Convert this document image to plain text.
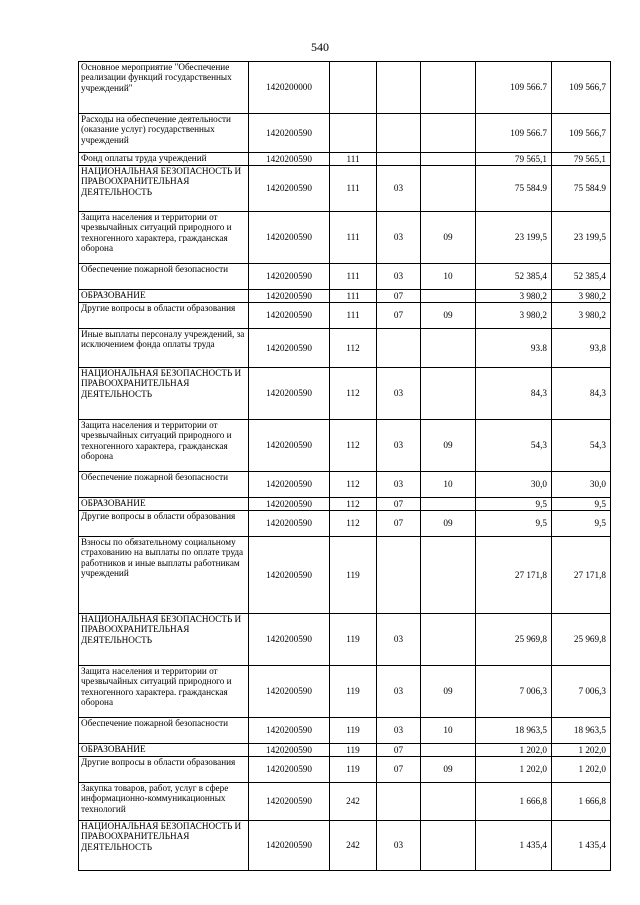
540
Основное мероприятие "Обеспечение реализации функций государственных учреждений"	1420200000				109 566.7	109 566,7
Расходы на обеспечение деятельности (оказание услуг) государственных учреждений	1420200590				109 566.7	109 566,7
Фонд оплаты труда учреждений	1420200590	111			79 565,1	79 565,1
НАЦИОНАЛЬНАЯ БЕЗОПАСНОСТЬ И ПРАВООХРАНИТЕЛЬНАЯ ДЕЯТЕЛЬНОСТЬ	1420200590	111	03		75 584.9	75 584.9
Защита населения и территории от чрезвычайных ситуаций природного и техногенного характера, гражданская оборона	1420200590	111	03	09	23 199,5	23 199,5
Обеспечение пожарной безопасности	1420200590	111	03	10	52 385,4	52 385,4
ОБРАЗОВАНИЕ	1420200590	111	07		3 980,2	3 980,2
Другие вопросы в области образования	1420200590	111	07	09	3 980,2	3 980,2
Иные выплаты персоналу учреждений, за исключением фонда оплаты труда	1420200590	112			93.8	93,8
НАЦИОНАЛЬНАЯ БЕЗОПАСНОСТЬ И ПРАВООХРАНИТЕЛЬНАЯ ДЕЯТЕЛЬНОСТЬ	1420200590	112	03		84,3	84,3
Защита населения и территории от чрезвычайных ситуаций природного и техногенного характера, гражданская оборона	1420200590	112	03	09	54,3	54,3
Обеспечение пожарной безопасности	1420200590	112	03	10	30,0	30,0
ОБРАЗОВАНИЕ	1420200590	112	07		9,5	9,5
Другие вопросы в области образования	1420200590	112	07	09	9,5	9,5
Взносы по обязательному социальному страхованию на выплаты по оплате труда работников и иные выплаты работникам учреждений	1420200590	119			27 171,8	27 171,8
НАЦИОНАЛЬНАЯ БЕЗОПАСНОСТЬ И ПРАВООХРАНИТЕЛЬНАЯ ДЕЯТЕЛЬНОСТЬ	1420200590	119	03		25 969,8	25 969,8
Защита населения и территории от чрезвычайных ситуаций природного и техногенного характера. гражданская оборона	1420200590	119	03	09	7 006,3	7 006,3
Обеспечение пожарной безопасности	1420200590	119	03	10	18 963,5	18 963,5
ОБРАЗОВАНИЕ	1420200590	119	07		1 202,0	1 202,0
Другие вопросы в области образования	1420200590	119	07	09	1 202,0	1 202,0
Закупка товаров, работ, услуг в сфере информационно-коммуникационных технологий	1420200590	242			1 666,8	1 666,8
НАЦИОНАЛЬНАЯ БЕЗОПАСНОСТЬ И ПРАВООХРАНИТЕЛЬНАЯ ДЕЯТЕЛЬНОСТЬ	1420200590	242	03		1 435,4	1 435,4
